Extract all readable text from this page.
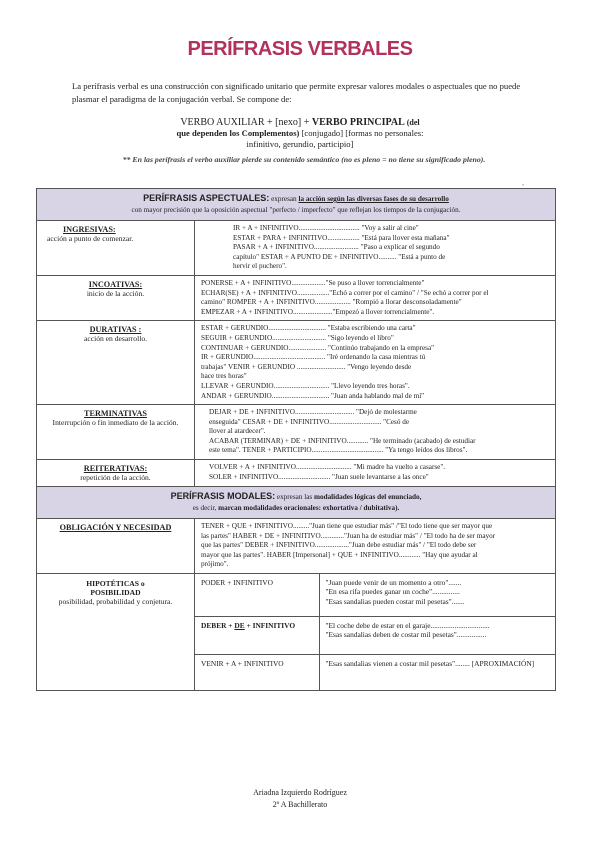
PERÍFRASIS VERBALES
La perífrasis verbal es una construcción con significado unitario que permite expresar valores modales o aspectuales que no puede plasmar el paradigma de la conjugación verbal. Se compone de:
VERBO AUXILIAR + [nexo] + VERBO PRINCIPAL (del
que dependen los Complementos) [conjugado] [formas no personales:
infinitivo, gerundio, participio]
** En las perífrasis el verbo auxiliar pierde su contenido semántico (no es pleno = no tiene su significado pleno).
•
PERÍFRASIS ASPECTUALES: expresan la acción según las diversas fases de su desarrollo
con mayor precisión que la oposición aspectual "perfecto / imperfecto" que reflejan los tiempos de la conjugación.

INGRESIVAS:
acción a punto de comenzar.

IR + A + INFINITIVO.................................. "Voy a salir al cine"
ESTAR + PARA + INFINITIVO.................. "Está para llover esta mañana"
PASAR + A + INFINITIVO......................... "Paso a explicar el segundo
capítulo" ESTAR + A PUNTO DE + INFINITIVO.......... "Está a punto de
hervir el puchero".

INCOATIVAS:
inicio de la acción.

PONERSE + A + INFINITIVO..................."Se puso a llover torrencialmente"
ECHAR(SE) + A + INFINITIVO.................."Echó a correr por el camino" / "Se echó a correr por el
camino" ROMPER + A + INFINITIVO.................... "Rompió a llorar desconsoladamente"
EMPEZAR + A + INFINITIVO......................"Empezó a llover torrencialmente".

DURATIVAS :
acción en desarrollo.

ESTAR + GERUNDIO................................ "Estaba escribiendo una carta"
SEGUIR + GERUNDIO.............................. "Sigo leyendo el libro"
CONTINUAR + GERUNDIO..................... "Continúo trabajando en la empresa"
IR + GERUNDIO........................................ "Iré ordenando la casa mientras tú
trabajas" VENIR + GERUNDIO ........................... "Vengo leyendo desde
hace tres horas"
LLEVAR + GERUNDIO............................... "Llevo leyendo tres horas".
ANDAR + GERUNDIO................................ "Juan anda hablando mal de mí"

TERMINATIVAS
Interrupción o fin inmediato de la acción.

DEJAR + DE + INFINITIVO................................. "Dejó de molestarme
enseguida" CESAR + DE + INFINITIVO............................. "Cesó de
llover al atardecer".
ACABAR (TERMINAR) + DE + INFINITIVO............ "He terminado (acabado) de estudiar
este tema". TENER + PARTICIPIO........................................ "Ya tengo leídos dos libros".

REITERATIVAS:
repetición de la acción.

VOLVER + A + INFINITIVO............................... "Mi madre ha vuelto a casarse".
SOLER + INFINITIVO............................. "Juan suele levantarse a las once"

PERÍFRASIS MODALES: expresan las modalidades lógicas del enunciado,
es decir, marcan modalidades oracionales: exhortativa / dubitativa).

OBLIGACIÓN Y NECESIDAD	TENER + QUE + INFINITIVO........."Juan tiene que estudiar más" /"El todo tiene que ser mayor que
las partes" HABER + DE + INFINITIVO............."Juan ha de estudiar más" / "El todo ha de ser mayor
que las partes" DEBER + INFINITIVO..................."Juan debe estudiar más" / "El todo debe ser
mayor que las partes". HABER [Impersonal] + QUE + INFINITIVO............ "Hay que ayudar al
prójimo".

HIPOTÉTICAS o
POSIBILIDAD
posibilidad, probabilidad y conjetura.

PODER + INFINITIVO	"Juan puede venir de un momento a otro".......
"En esa rifa puedes ganar un coche"...............
"Esas sandalias pueden costar mil pesetas".......

DEBER + DE + INFINITIVO	"El coche debe de estar en el garaje................................
"Esas sandalias deben de costar mil pesetas"................

VENIR + A + INFINITIVO	"Esas sandalias vienen a costar mil pesetas"........ [APROXIMACIÓN]
Ariadna Izquierdo Rodríguez
2º A Bachillerato
